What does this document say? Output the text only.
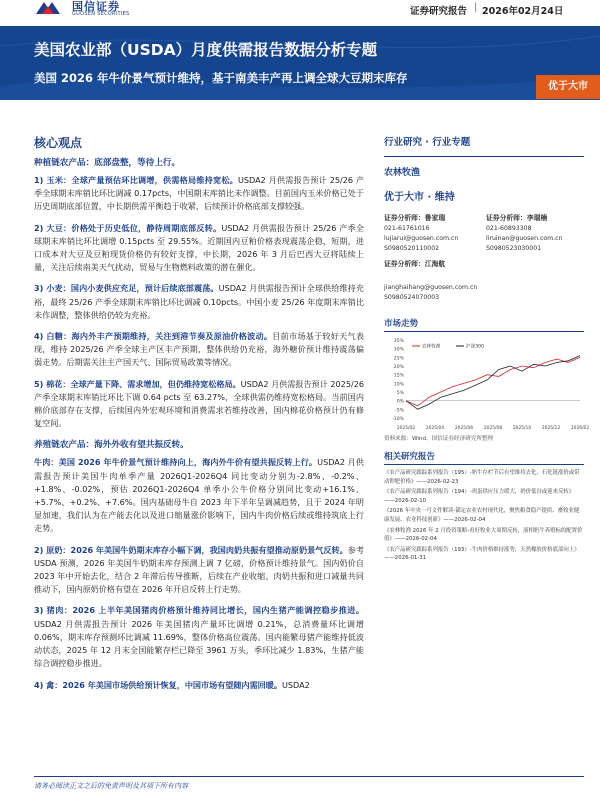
国信证券
GUOSEN SECURITIES	证券研究报告 | 2026年02月24日
美国农业部（USDA）月度供需报告数据分析专题
美国 2026 年牛价景气预计维持，基于南美丰产再上调全球大豆期末库存
优于大市
核心观点
种植链农产品：底部盘整，等待上行。
1) 玉米：全球产量预估环比调增，供需格局维持宽松。USDA2 月供需报告预计 25/26 产季全球期末库销比环比调减 0.17pcts，中国期末库销比未作调整。目前国内玉米价格已处于历史周期底部位置，中长期供需平衡趋于收紧，后续预计价格底部支撑较强。
2) 大豆：价格处于历史低位，静待周期底部反转。USDA2 月供需报告预计 25/26 产季全球期末库销比环比调增 0.15pcts 至 29.55%。近期国内豆粕价格表现震荡企稳，短期，进口成本对大豆及豆粕现货价格仍有较好支撑，中长期，2026 年 3 月后巴西大豆将陆续上量，关注后续南美天气扰动，贸易与生物燃料政策的潜在催化。
3) 小麦：国内小麦供应充足，预计后续底部震荡。USDA2 月供需报告预计全球供给维持充裕，最终 25/26 产季全球期末库销比环比调减 0.10pcts。中国小麦 25/26 年度期末库销比未作调整，整体供给仍较为充裕。
4) 白糖：海内外丰产预期维持，关注到港节奏及原油价格波动。目前市场基于较好天气表现，维持 2025/26 产季全球主产区丰产预期，整体供给仍充裕，海外糖价预计维持震荡偏弱走势。后期需关注主产国天气、国际贸易政策等情况。
5) 棉花：全球产量下降、需求增加，但仍维持宽松格局。USDA2 月供需报告预计 2025/26 产季全球期末库销比环比下调 0.64 pcts 至 63.27%，全球供需仍维持宽松格局。当前国内棉价底部存在支撑，后续国内外宏观环境和消费需求若维持改善，国内棉花价格预计仍有修复空间。
养殖链农产品：海外外收有望共振反转。
牛肉：美国 2026 年牛价景气预计维持向上，海内外牛价有望共振反转上行。USDA2 月供需报告预计美国牛肉单季产量 2026Q1-2026Q4 同比变动分别为-2.8%、-0.2%、+1.8%、-0.02%，预估 2026Q1-2026Q4 单季小公牛价格分别同比变动+16.1%、+5.7%、+0.2%、+7.6%。国内基础母牛自 2023 年下半年呈调减趋势，且于 2024 年明显加速，我们认为在产能去化以及进口缩量涨价影响下，国内牛肉价格后续或维持筑底上行走势。
2) 原奶：2026 年美国牛奶期末库存小幅下调，我国肉奶共振有望推动原奶景气反转。参考 USDA 预测，2026 年美国牛奶期末库存预测上调 7 亿磅，价格预计维持景气。国内奶价自 2023 年中开始去化，结合 2 年滞后传导推断，后续在产业收缩、肉奶共振和进口减量共同推动下，国内原奶价格有望在 2026 年开启反转上行走势。
3) 猪肉：2026 上半年美国猪肉价格预计维持同比增长，国内生猪产能调控稳步推进。USDA2 月供需报告预计 2026 年美国猪肉产量环比调增 0.21%，总消费量环比调增 0.06%，期末库存预测环比调减 11.69%，整体价格高位震荡。国内能繁母猪产能维持低波动状态，2025 年 12 月末全国能繁存栏已降至 3961 万头，季环比减少 1.83%，生猪产能综合调控稳步推进。
4) 禽：2026 年美国市场供给预计恢复，中国市场有望随内需回暖。USDA2
行业研究 · 行业专题
农林牧渔
优于大市 · 维持
证券分析师：鲁家瑞
021-61761016
lujiarui@guosen.com.cn
S0980520110002
证券分析师：李瑞楠
021-60893308
liruinan@guosen.com.cn
S0980523030001
证券分析师：江海航
jianghaihang@guosen.com.cn
S0980524070003
市场走势
35%
30%
25%
20%
15%
10%
5%
0%
-5%
-10%
2025/02 2025/04 2025/06 2025/08 2025/10 2025/12 2026/02
农林牧渔	沪深300
资料来源：Wind、国信证券经济研究所整理
相关研究报告
《农产品研究跟踪系列报告（195）-奶牛存栏节后有望维持去化，石化链涨价或带动钾肥价格》——2026-02-23
《农产品研究跟踪系列报告（194）-鸡蛋供应压力缓大，奶价低谷或迎来反转》——2026-02-10
《2026 年中央一号文件解读-锚定农业农村现代化，聚焦粮食稳产提质、畜牧业健康发展、农业科技创新》——2026-02-04
《农林牧渔 2026 年 2 月投资策略-看好牧业大周期反转，液相奶牛养殖标的配置价值》——2026-02-04
《农产品研究跟踪系列报告（193）-牛肉价格维持涨势，天然橡胶价格底部向上》——2026-01-31
请务必阅读正文之后的免责声明及其项下所有内容
